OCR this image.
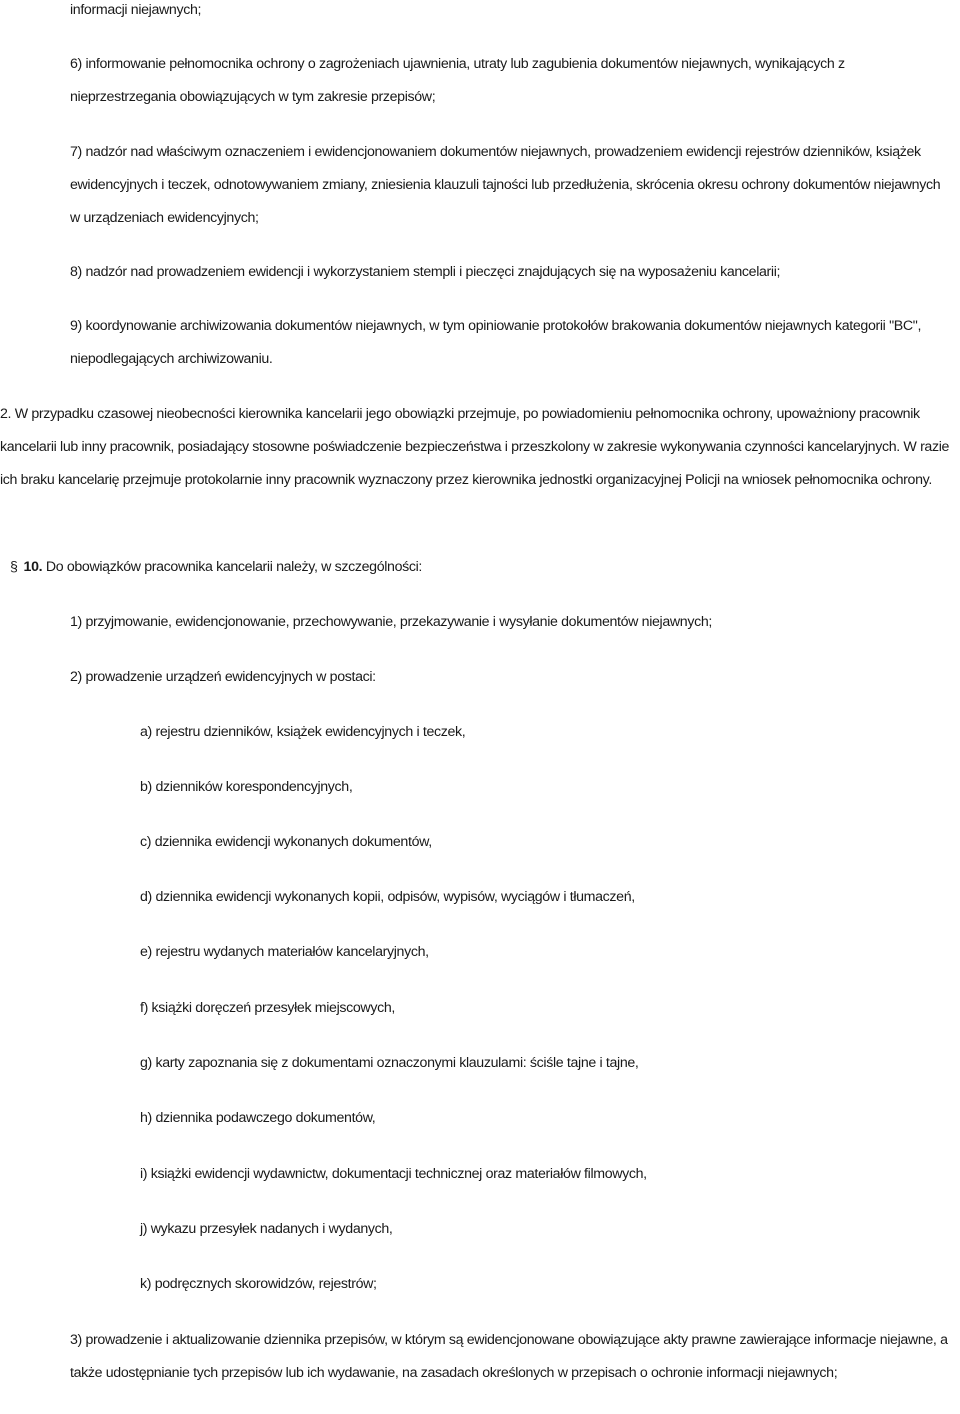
informacji niejawnych;

6) informowanie pełnomocnika ochrony o zagrożeniach ujawnienia, utraty lub zagubienia dokumentów niejawnych, wynikających z nieprzestrzegania obowiązujących w tym zakresie przepisów;

7) nadzór nad właściwym oznaczeniem i ewidencjonowaniem dokumentów niejawnych, prowadzeniem ewidencji rejestrów dzienników, książek ewidencyjnych i teczek, odnotowywaniem zmiany, zniesienia klauzuli tajności lub przedłużenia, skrócenia okresu ochrony dokumentów niejawnych w urządzeniach ewidencyjnych;

8) nadzór nad prowadzeniem ewidencji i wykorzystaniem stempli i pieczęci znajdujących się na wyposażeniu kancelarii;

9) koordynowanie archiwizowania dokumentów niejawnych, w tym opiniowanie protokołów brakowania dokumentów niejawnych kategorii "BC", niepodlegających archiwizowaniu.

2. W przypadku czasowej nieobecności kierownika kancelarii jego obowiązki przejmuje, po powiadomieniu pełnomocnika ochrony, upoważniony pracownik kancelarii lub inny pracownik, posiadający stosowne poświadczenie bezpieczeństwa i przeszkolony w zakresie wykonywania czynności kancelaryjnych. W razie ich braku kancelarię przejmuje protokolarnie inny pracownik wyznaczony przez kierownika jednostki organizacyjnej Policji na wniosek pełnomocnika ochrony.

§ 10. Do obowiązków pracownika kancelarii należy, w szczególności:

1) przyjmowanie, ewidencjonowanie, przechowywanie, przekazywanie i wysyłanie dokumentów niejawnych;

2) prowadzenie urządzeń ewidencyjnych w postaci:

a) rejestru dzienników, książek ewidencyjnych i teczek,

b) dzienników korespondencyjnych,

c) dziennika ewidencji wykonanych dokumentów,

d) dziennika ewidencji wykonanych kopii, odpisów, wypisów, wyciągów i tłumaczeń,

e) rejestru wydanych materiałów kancelaryjnych,

f) książki doręczeń przesyłek miejscowych,

g) karty zapoznania się z dokumentami oznaczonymi klauzulami: ściśle tajne i tajne,

h) dziennika podawczego dokumentów,

i) książki ewidencji wydawnictw, dokumentacji technicznej oraz materiałów filmowych,

j) wykazu przesyłek nadanych i wydanych,

k) podręcznych skorowidzów, rejestrów;

3) prowadzenie i aktualizowanie dziennika przepisów, w którym są ewidencjonowane obowiązujące akty prawne zawierające informacje niejawne, a także udostępnianie tych przepisów lub ich wydawanie, na zasadach określonych w przepisach o ochronie informacji niejawnych;
